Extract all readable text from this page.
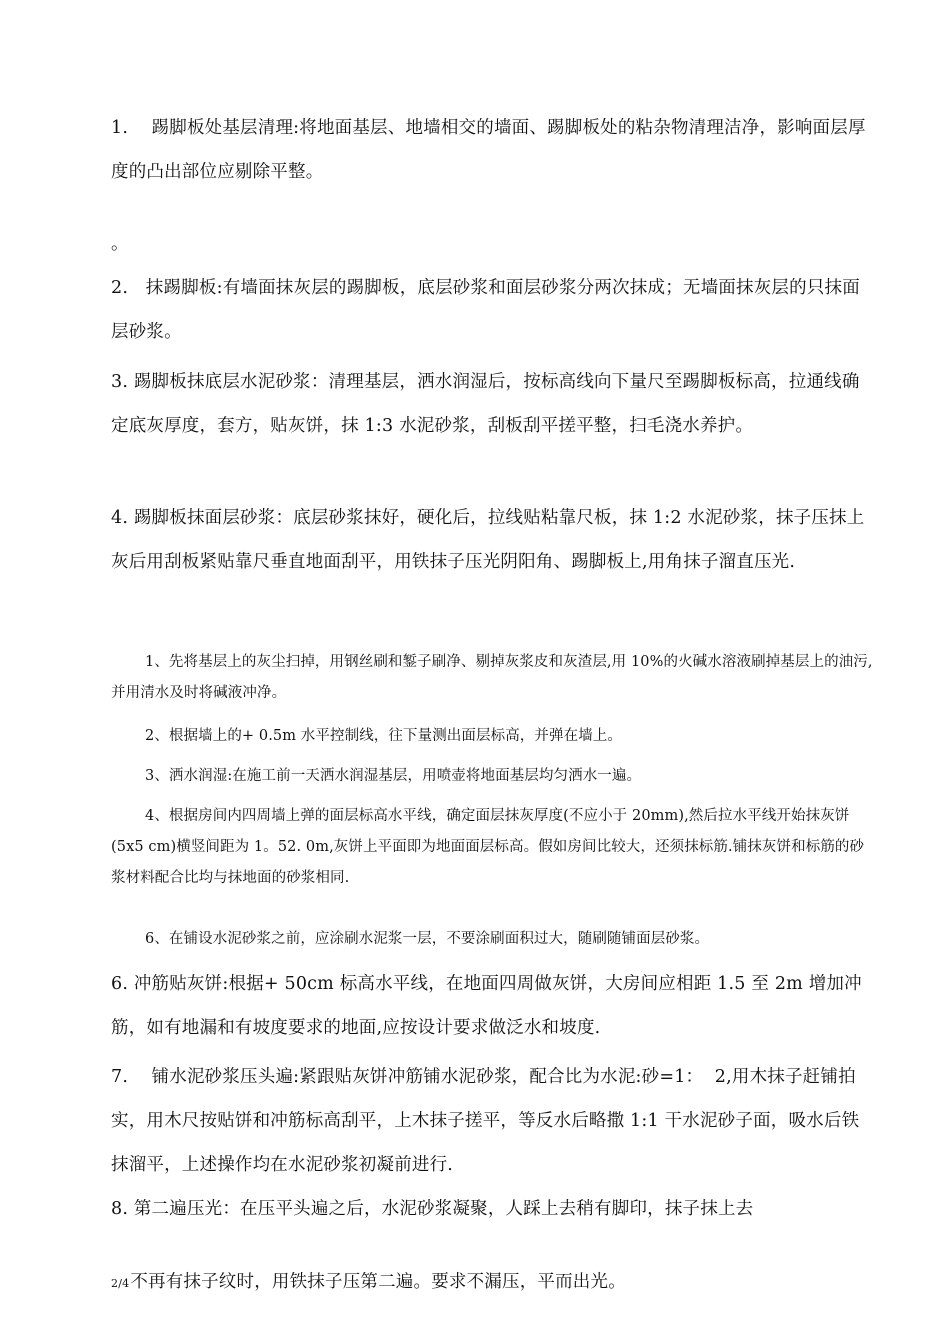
1.　 踢脚板处基层清理:将地面基层、地墙相交的墙面、踢脚板处的粘杂物清理洁净，影响面层厚度的凸出部位应剔除平整。

。

2.　抹踢脚板:有墙面抹灰层的踢脚板，底层砂浆和面层砂浆分两次抹成；无墙面抹灰层的只抹面层砂浆。

3. 踢脚板抹底层水泥砂浆：清理基层，洒水润湿后，按标高线向下量尺至踢脚板标高，拉通线确定底灰厚度，套方，贴灰饼，抹 1:3 水泥砂浆，刮板刮平搓平整，扫毛浇水养护。

4. 踢脚板抹面层砂浆：底层砂浆抹好，硬化后，拉线贴粘靠尺板，抹 1:2 水泥砂浆，抹子压抹上灰后用刮板紧贴靠尺垂直地面刮平，用铁抹子压光阴阳角、踢脚板上,用角抹子溜直压光.

1、先将基层上的灰尘扫掉，用钢丝刷和錾子刷净、剔掉灰浆皮和灰渣层,用 10%的火碱水溶液刷掉基层上的油污,并用清水及时将碱液冲净。

2、根据墙上的+ 0.5m 水平控制线，往下量测出面层标高，并弹在墙上。

3、洒水润湿:在施工前一天洒水润湿基层，用喷壶将地面基层均匀洒水一遍。

4、根据房间内四周墙上弹的面层标高水平线，确定面层抹灰厚度(不应小于 20mm),然后拉水平线开始抹灰饼(5x5 cm)横竖间距为 1。52. 0m,灰饼上平面即为地面面层标高。假如房间比较大，还须抹标筋.铺抹灰饼和标筋的砂浆材料配合比均与抹地面的砂浆相同.

6、在铺设水泥砂浆之前，应涂刷水泥浆一层，不要涂刷面积过大，随刷随铺面层砂浆。

6. 冲筋贴灰饼:根据+ 50cm 标高水平线，在地面四周做灰饼，大房间应相距 1.5 至 2m 增加冲筋，如有地漏和有坡度要求的地面,应按设计要求做泛水和坡度.

7.　 铺水泥砂浆压头遍:紧跟贴灰饼冲筋铺水泥砂浆，配合比为水泥:砂=1：  2,用木抹子赶铺拍实，用木尺按贴饼和冲筋标高刮平，上木抹子搓平，等反水后略撒 1:1 干水泥砂子面，吸水后铁抹溜平，上述操作均在水泥砂浆初凝前进行.

8. 第二遍压光：在压平头遍之后，水泥砂浆凝聚，人踩上去稍有脚印，抹子抹上去

2/4不再有抹子纹时，用铁抹子压第二遍。要求不漏压，平而出光。
